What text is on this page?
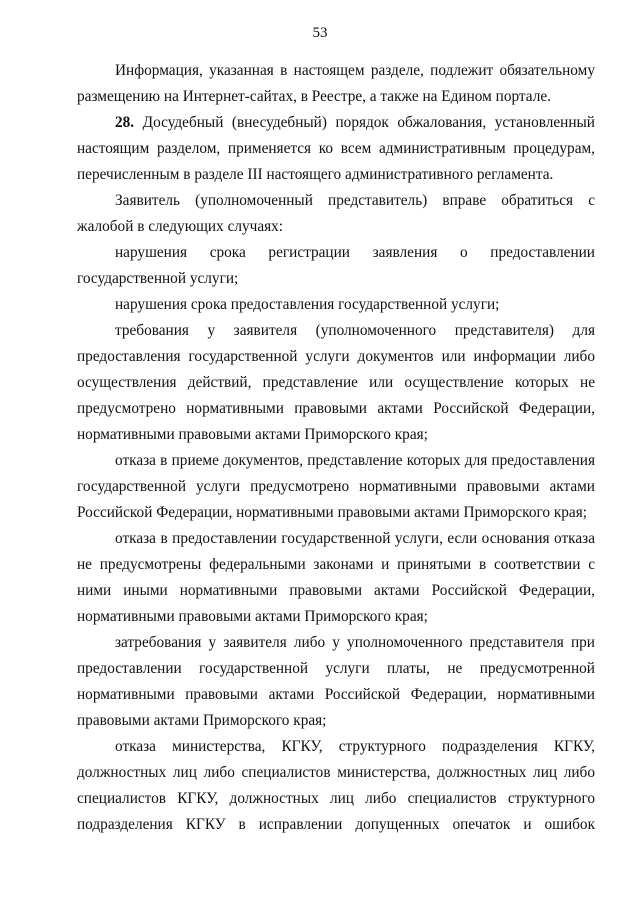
53

Информация, указанная в настоящем разделе, подлежит обязательному размещению на Интернет-сайтах, в Реестре, а также на Едином портале.

28. Досудебный (внесудебный) порядок обжалования, установленный настоящим разделом, применяется ко всем административным процедурам, перечисленным в разделе III настоящего административного регламента.

Заявитель (уполномоченный представитель) вправе обратиться с жалобой в следующих случаях:

нарушения срока регистрации заявления о предоставлении государственной услуги;

нарушения срока предоставления государственной услуги;

требования у заявителя (уполномоченного представителя) для предоставления государственной услуги документов или информации либо осуществления действий, представление или осуществление которых не предусмотрено нормативными правовыми актами Российской Федерации, нормативными правовыми актами Приморского края;

отказа в приеме документов, представление которых для предоставления государственной услуги предусмотрено нормативными правовыми актами Российской Федерации, нормативными правовыми актами Приморского края;

отказа в предоставлении государственной услуги, если основания отказа не предусмотрены федеральными законами и принятыми в соответствии с ними иными нормативными правовыми актами Российской Федерации, нормативными правовыми актами Приморского края;

затребования у заявителя либо у уполномоченного представителя при предоставлении государственной услуги платы, не предусмотренной нормативными правовыми актами Российской Федерации, нормативными правовыми актами Приморского края;

отказа министерства, КГКУ, структурного подразделения КГКУ, должностных лиц либо специалистов министерства, должностных лиц либо специалистов КГКУ, должностных лиц либо специалистов структурного подразделения КГКУ в исправлении допущенных опечаток и ошибок
